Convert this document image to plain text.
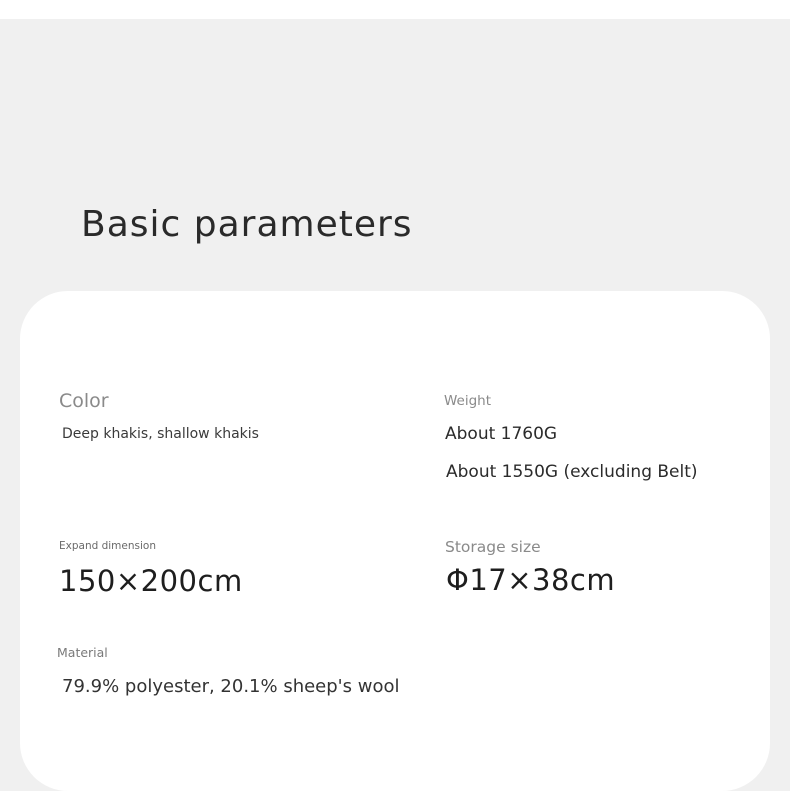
Basic parameters
Color
Deep khakis, shallow khakis
Weight
About 1760G
About 1550G (excluding Belt)
Expand dimension
150×200cm
Storage size
Φ17×38cm
Material
79.9% polyester, 20.1% sheep's wool
